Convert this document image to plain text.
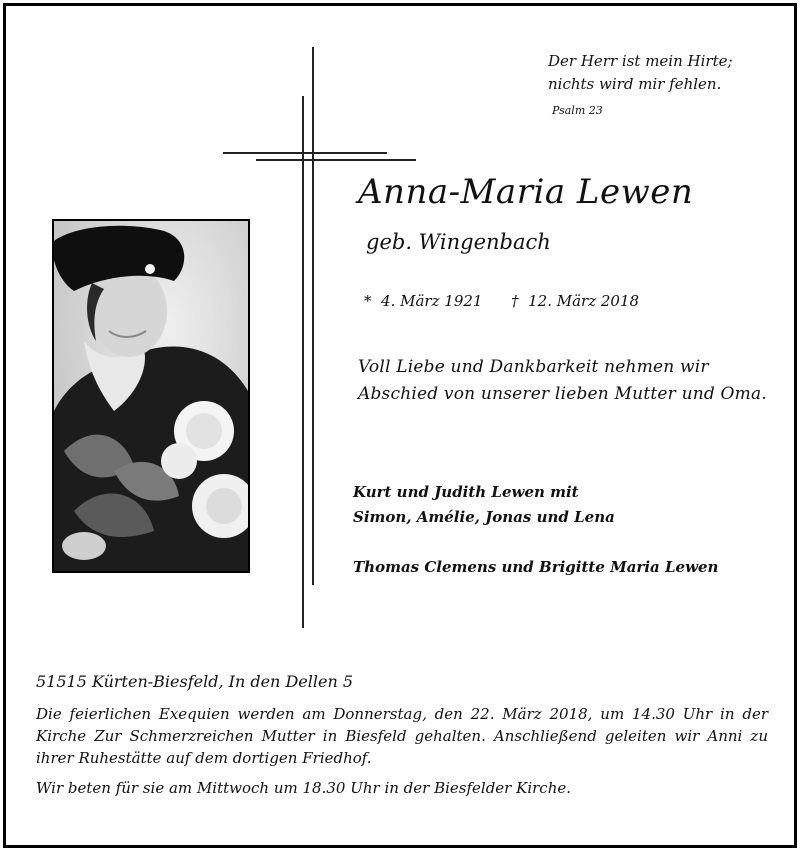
Der Herr ist mein Hirte;
nichts wird mir fehlen.
Psalm 23
Anna-Maria Lewen
geb. Wingenbach
* 4. März 1921 † 12. März 2018
Voll Liebe und Dankbarkeit nehmen wir
Abschied von unserer lieben Mutter und Oma.
Kurt und Judith Lewen mit
Simon, Amélie, Jonas und Lena
Thomas Clemens und Brigitte Maria Lewen
51515 Kürten-Biesfeld, In den Dellen 5

Die feierlichen Exequien werden am Donnerstag, den 22. März 2018, um 14.30 Uhr in der Kirche Zur Schmerzreichen Mutter in Biesfeld gehalten. Anschließend geleiten wir Anni zu ihrer Ruhestätte auf dem dortigen Friedhof.

Wir beten für sie am Mittwoch um 18.30 Uhr in der Biesfelder Kirche.
